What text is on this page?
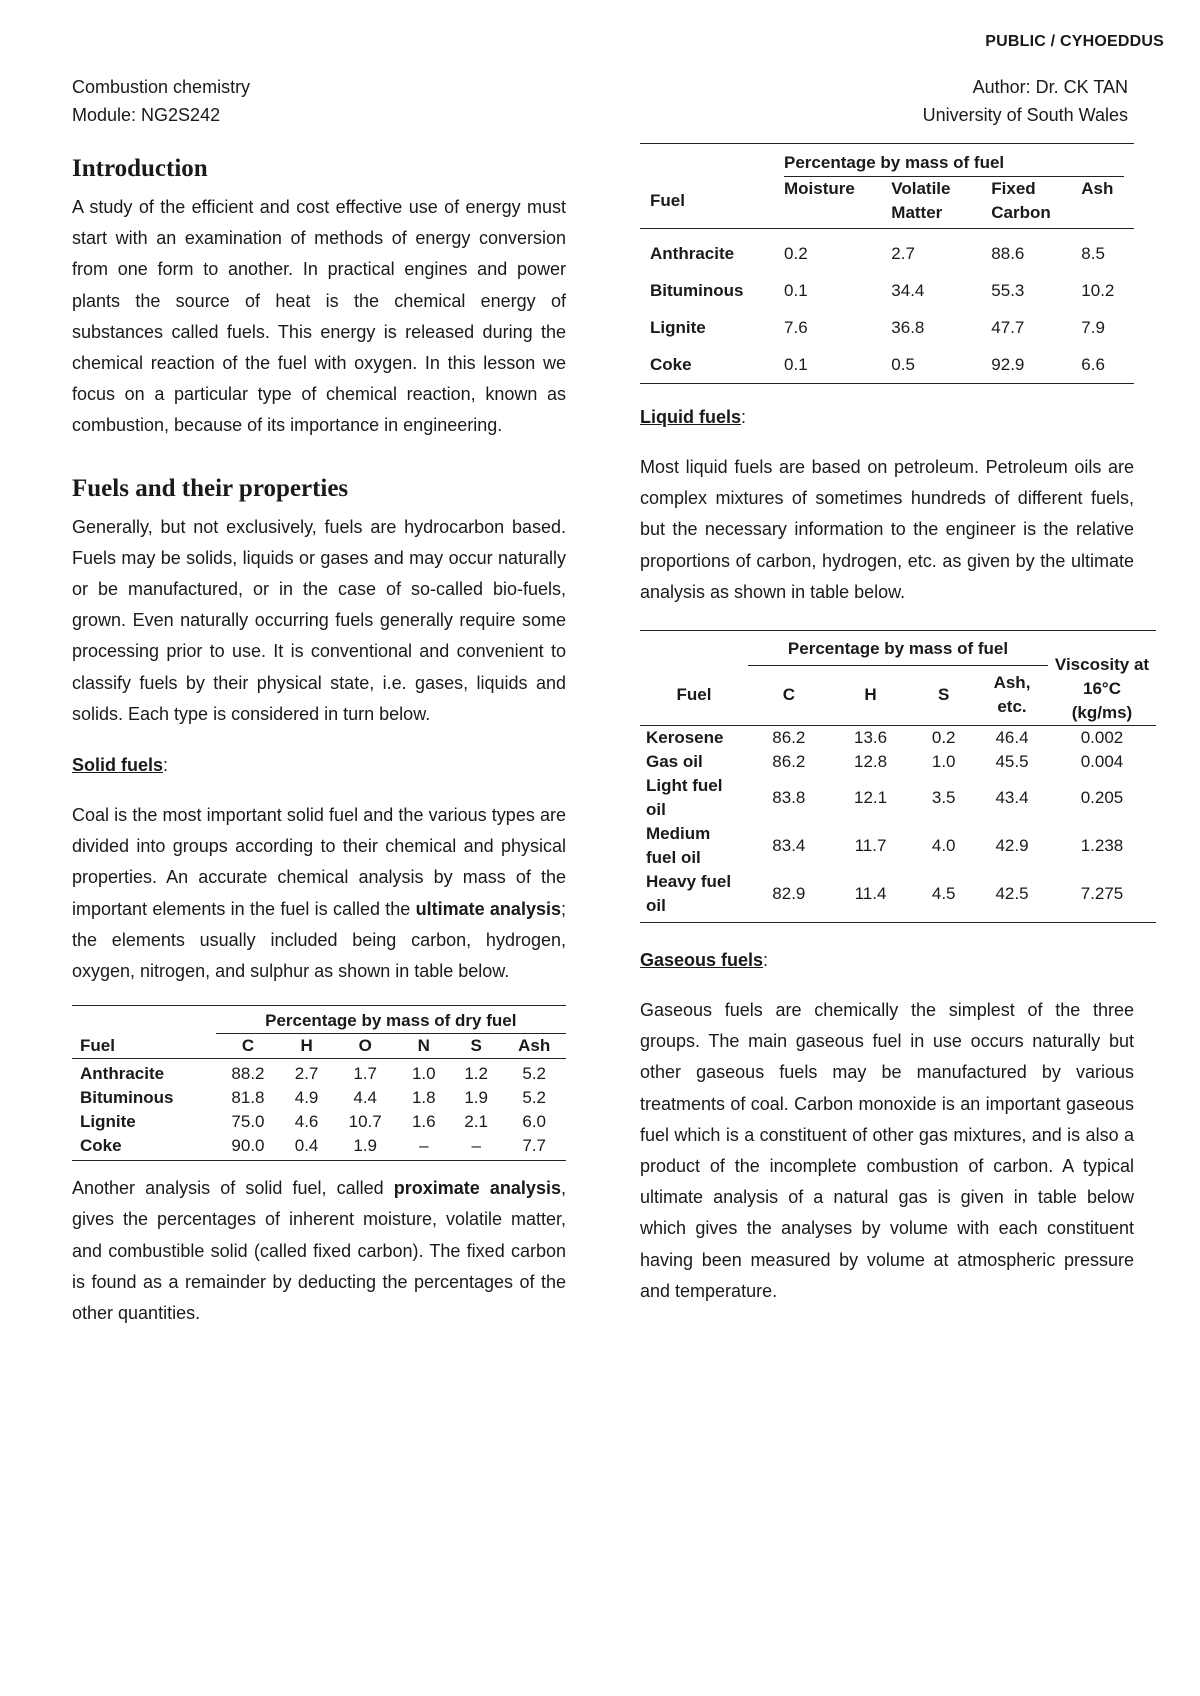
PUBLIC / CYHOEDDUS
Combustion chemistry
Module: NG2S242
Author: Dr. CK TAN
University of South Wales
Introduction

A study of the efficient and cost effective use of energy must start with an examination of methods of energy conversion from one form to another. In practical engines and power plants the source of heat is the chemical energy of substances called fuels. This energy is released during the chemical reaction of the fuel with oxygen. In this lesson we focus on a particular type of chemical reaction, known as combustion, because of its importance in engineering.

Fuels and their properties

Generally, but not exclusively, fuels are hydrocarbon based. Fuels may be solids, liquids or gases and may occur naturally or be manufactured, or in the case of so-called bio-fuels, grown. Even naturally occurring fuels generally require some processing prior to use. It is conventional and convenient to classify fuels by their physical state, i.e. gases, liquids and solids. Each type is considered in turn below.

Solid fuels:

Coal is the most important solid fuel and the various types are divided into groups according to their chemical and physical properties. An accurate chemical analysis by mass of the important elements in the fuel is called the ultimate analysis; the elements usually included being carbon, hydrogen, oxygen, nitrogen, and sulphur as shown in table below.

	Percentage by mass of dry fuel					
Fuel	C	H	O	N	S	Ash
Anthracite	88.2	2.7	1.7	1.0	1.2	5.2
Bituminous	81.8	4.9	4.4	1.8	1.9	5.2
Lignite	75.0	4.6	10.7	1.6	2.1	6.0
Coke	90.0	0.4	1.9	–	–	7.7

Another analysis of solid fuel, called proximate analysis, gives the percentages of inherent moisture, volatile matter, and combustible solid (called fixed carbon). The fixed carbon is found as a remainder by deducting the percentages of the other quantities.

	Percentage by mass of fuel			

Fuel	Moisture	Volatile Matter	Fixed Carbon	Ash
Anthracite	0.2	2.7	88.6	8.5
Bituminous	0.1	34.4	55.3	10.2
Lignite	7.6	36.8	47.7	7.9
Coke	0.1	0.5	92.9	6.6
Liquid fuels:

Most liquid fuels are based on petroleum. Petroleum oils are complex mixtures of sometimes hundreds of different fuels, but the necessary information to the engineer is the relative proportions of carbon, hydrogen, etc. as given by the ultimate analysis as shown in table below.

	Percentage by mass of fuel				Viscosity at 16°C (kg/ms)
Fuel	C	H	S	Ash, etc.	
Kerosene	86.2	13.6	0.2	46.4	0.002
Gas oil	86.2	12.8	1.0	45.5	0.004
Light fuel oil	83.8	12.1	3.5	43.4	0.205
Medium fuel oil	83.4	11.7	4.0	42.9	1.238
Heavy fuel oil	82.9	11.4	4.5	42.5	7.275
Gaseous fuels:

Gaseous fuels are chemically the simplest of the three groups. The main gaseous fuel in use occurs naturally but other gaseous fuels may be manufactured by various treatments of coal. Carbon monoxide is an important gaseous fuel which is a constituent of other gas mixtures, and is also a product of the incomplete combustion of carbon. A typical ultimate analysis of a natural gas is given in table below which gives the analyses by volume with each constituent having been measured by volume at atmospheric pressure and temperature.
